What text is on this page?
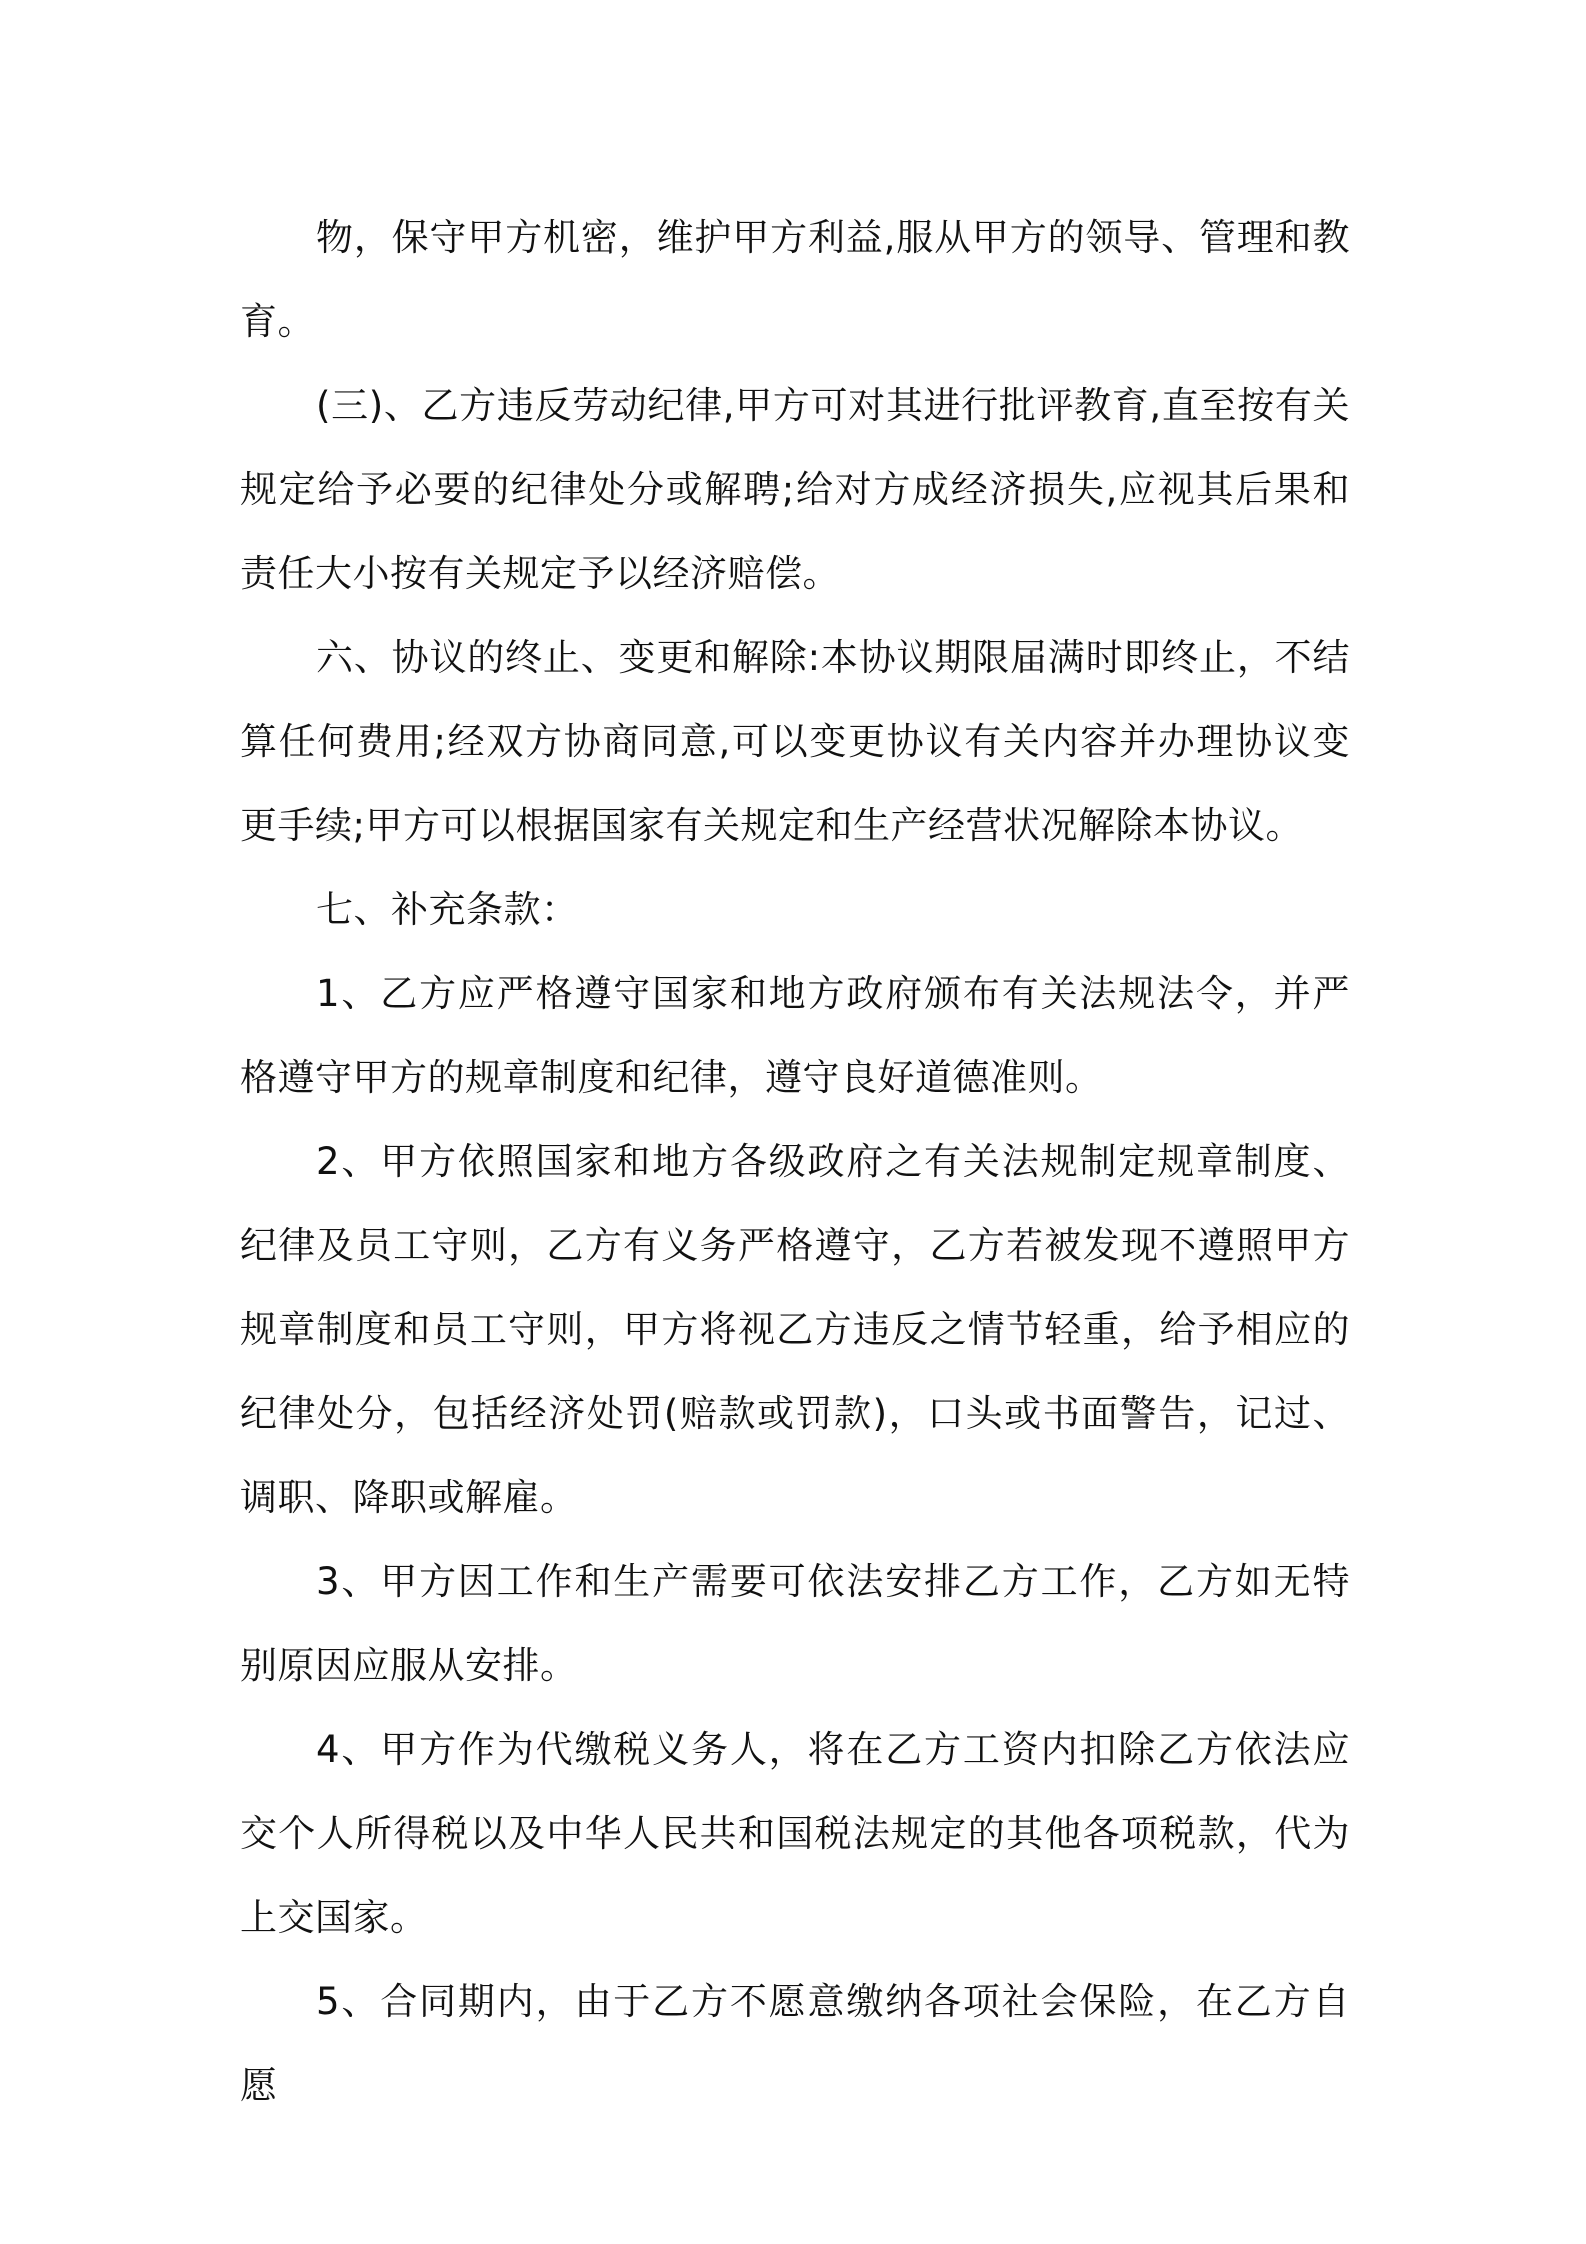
物，保守甲方机密，维护甲方利益,服从甲方的领导、管理和教育。

(三)、乙方违反劳动纪律,甲方可对其进行批评教育,直至按有关规定给予必要的纪律处分或解聘;给对方成经济损失,应视其后果和责任大小按有关规定予以经济赔偿。

六、协议的终止、变更和解除:本协议期限届满时即终止，不结算任何费用;经双方协商同意,可以变更协议有关内容并办理协议变更手续;甲方可以根据国家有关规定和生产经营状况解除本协议。

七、补充条款：

1、乙方应严格遵守国家和地方政府颁布有关法规法令，并严格遵守甲方的规章制度和纪律，遵守良好道德准则。

2、甲方依照国家和地方各级政府之有关法规制定规章制度、纪律及员工守则，乙方有义务严格遵守，乙方若被发现不遵照甲方规章制度和员工守则，甲方将视乙方违反之情节轻重，给予相应的纪律处分，包括经济处罚(赔款或罚款)，口头或书面警告，记过、调职、降职或解雇。

3、甲方因工作和生产需要可依法安排乙方工作，乙方如无特别原因应服从安排。

4、甲方作为代缴税义务人，将在乙方工资内扣除乙方依法应交个人所得税以及中华人民共和国税法规定的其他各项税款，代为上交国家。

5、合同期内，由于乙方不愿意缴纳各项社会保险，在乙方自愿
